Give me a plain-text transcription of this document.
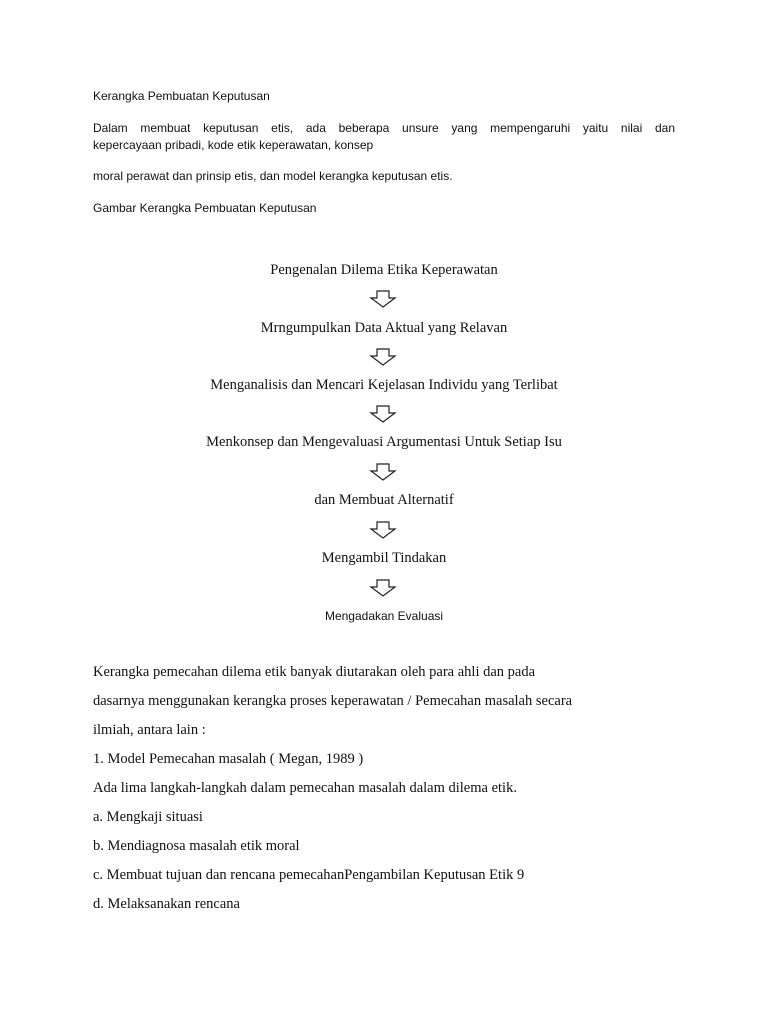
Kerangka Pembuatan Keputusan
Dalam membuat keputusan etis, ada beberapa unsure yang mempengaruhi yaitu nilai dan
kepercayaan pribadi, kode etik keperawatan, konsep
moral perawat dan prinsip etis, dan model kerangka keputusan etis.
Gambar Kerangka Pembuatan Keputusan
Pengenalan Dilema Etika Keperawatan
Mrngumpulkan Data Aktual yang Relavan
Menganalisis dan Mencari Kejelasan Individu yang Terlibat
Menkonsep dan Mengevaluasi Argumentasi Untuk Setiap Isu
dan Membuat Alternatif
Mengambil Tindakan
Mengadakan Evaluasi
Kerangka pemecahan dilema etik banyak diutarakan oleh para ahli dan pada
dasarnya menggunakan kerangka proses keperawatan / Pemecahan masalah secara
ilmiah, antara lain :
1. Model Pemecahan masalah ( Megan, 1989 )
Ada lima langkah-langkah dalam pemecahan masalah dalam dilema etik.
a. Mengkaji situasi
b. Mendiagnosa masalah etik moral
c. Membuat tujuan dan rencana pemecahanPengambilan Keputusan Etik 9
d. Melaksanakan rencana
